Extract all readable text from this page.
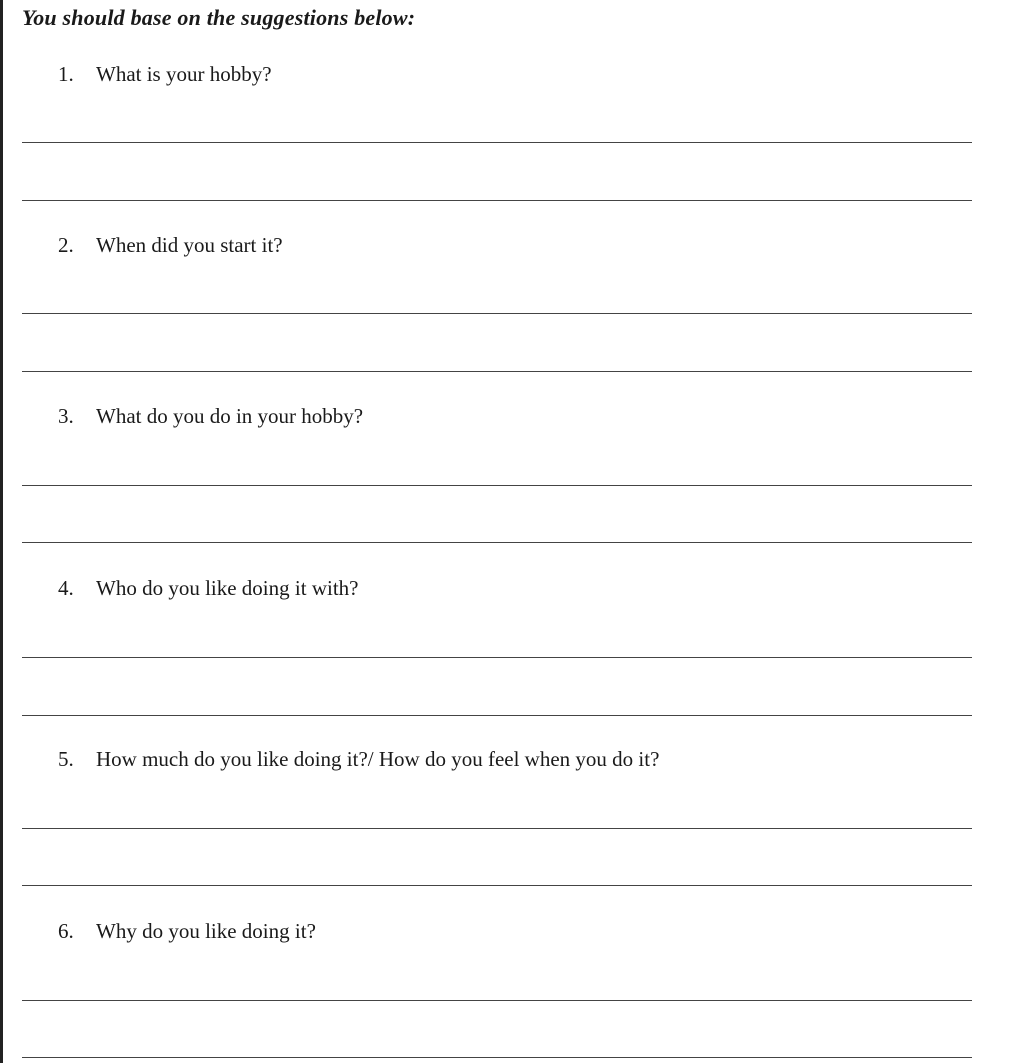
You should base on the suggestions below:
1.	What is your hobby?
2.	When did you start it?
3.	What do you do in your hobby?
4.	Who do you like doing it with?
5.	How much do you like doing it?/ How do you feel when you do it?
6.	Why do you like doing it?
